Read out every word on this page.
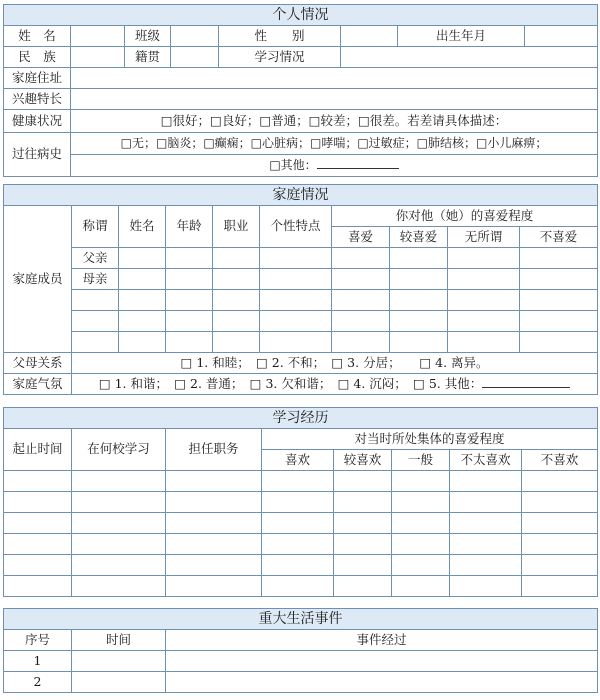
个人情况							
姓　名		班级		性　　别		出生年月	
民　族		籍贯		学习情况			
家庭住址							
兴趣特长							
健康状况	□很好；□良好；□普通；□较差；□很差。若差请具体描述：						
过往病史	□无；□脑炎；□癫痫；□心脏病；□哮喘；□过敏症；□肺结核；□小儿麻痹；						
	□其他：						
家庭情况									
家庭成员	称谓	姓名	年龄	职业	个性特点	你对他（她）的喜爱程度			
						喜爱	较喜爱	无所谓	不喜爱
	父亲								
	母亲								

父母关系	□ 1. 和睦；　□ 2. 不和；　□ 3. 分居；　　□ 4. 离异。								
家庭气氛	□ 1. 和谐；　□ 2. 普通；　□ 3. 欠和谐；　□ 4. 沉闷；　□ 5. 其他：								
学习经历							
起止时间	在何校学习	担任职务	对当时所处集体的喜爱程度				
			喜欢	较喜欢	一般	不太喜欢	不喜欢

重大生活事件		
序号	时间	事件经过
1		
2		
